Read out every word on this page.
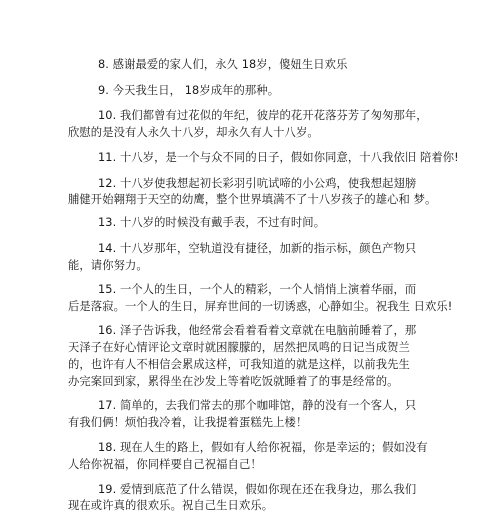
8. 感谢最爱的家人们，永久 18岁，傻妞生日欢乐
9. 今天我生日， 18岁成年的那种。
10. 我们都曾有过花似的年纪，彼岸的花开花落芬芳了匆匆那年，
欣慰的是没有人永久十八岁，却永久有人十八岁。
11. 十八岁，是一个与众不同的日子，假如你同意，十八我依旧 陪着你!
12. 十八岁使我想起初长彩羽引吭试啼的小公鸡，使我想起翅膀
脯健开始翱翔于天空的幼鹰，整个世界填满不了十八岁孩子的雄心和 梦。
13. 十八岁的时候没有戴手表，不过有时间。
14. 十八岁那年，空轨道没有捷径，加新的指示标，颜色产物只
能，请你努力。
15. 一个人的生日，一个人的精彩，一个人悄悄上演着华丽，而
后是落寂。一个人的生日，屏弃世间的一切诱惑，心静如尘。祝我生 日欢乐!
16. 泽子告诉我，他经常会看着看着文章就在电脑前睡着了，那
天泽子在好心情评论文章时就困朦朦的，居然把凤鸣的日记当成贺兰
的，也许有人不相信会累成这样，可我知道的就是这样，以前我先生
办完案回到家，累得坐在沙发上等着吃饭就睡着了的事是经常的。
17. 简单的，去我们常去的那个咖啡馆，静的没有一个客人，只
有我们俩！烦怕我冷着，让我提着蛋糕先上楼！
18. 现在人生的路上，假如有人给你祝福，你是幸运的；假如没有
人给你祝福，你同样要自己祝福自己！
19. 爱情到底范了什么错误，假如你现在还在我身边，那么我们
现在或许真的很欢乐。祝自己生日欢乐。
